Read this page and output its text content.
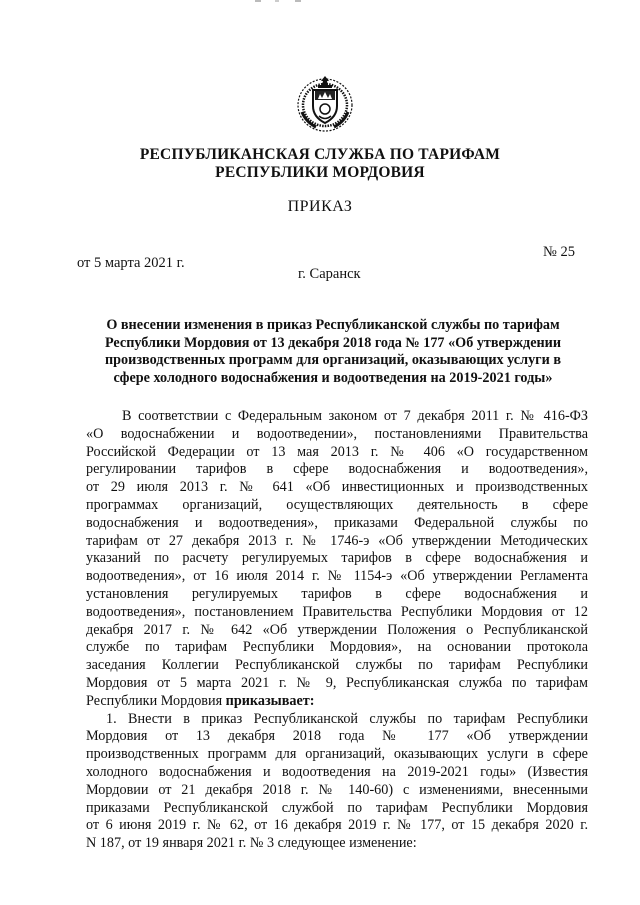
РЕСПУБЛИКАНСКАЯ СЛУЖБА ПО ТАРИФАМ
РЕСПУБЛИКИ МОРДОВИЯ
ПРИКАЗ
№ 25
от 5 марта 2021 г.
г. Саранск
О внесении изменения в приказ Республиканской службы по тарифам
Республики Мордовия от 13 декабря 2018 года № 177 «Об утверждении
производственных программ для организаций, оказывающих услуги в
сфере холодного водоснабжения и водоотведения на 2019-2021 годы»
В соответствии с Федеральным законом от 7 декабря 2011 г. № 416-ФЗ
«О водоснабжении и водоотведении», постановлениями Правительства
Российской Федерации от 13 мая 2013 г. № 406 «О государственном
регулировании тарифов в сфере водоснабжения и водоотведения»,
от 29 июля 2013 г. № 641 «Об инвестиционных и производственных
программах организаций, осуществляющих деятельность в сфере
водоснабжения и водоотведения», приказами Федеральной службы по
тарифам от 27 декабря 2013 г. № 1746-э «Об утверждении Методических
указаний по расчету регулируемых тарифов в сфере водоснабжения и
водоотведения», от 16 июля 2014 г. № 1154-э «Об утверждении Регламента
установления регулируемых тарифов в сфере водоснабжения и
водоотведения», постановлением Правительства Республики Мордовия от 12
декабря 2017 г. № 642 «Об утверждении Положения о Республиканской
службе по тарифам Республики Мордовия», на основании протокола
заседания Коллегии Республиканской службы по тарифам Республики
Мордовия от 5 марта 2021 г. № 9, Республиканская служба по тарифам
Республики Мордовия приказывает:
1. Внести в приказ Республиканской службы по тарифам Республики
Мордовия от 13 декабря 2018 года № 177 «Об утверждении
производственных программ для организаций, оказывающих услуги в сфере
холодного водоснабжения и водоотведения на 2019-2021 годы» (Известия
Мордовии от 21 декабря 2018 г. № 140-60) с изменениями, внесенными
приказами Республиканской службой по тарифам Республики Мордовия
от 6 июня 2019 г. № 62, от 16 декабря 2019 г. № 177, от 15 декабря 2020 г.
N 187, от 19 января 2021 г. № 3 следующее изменение:
